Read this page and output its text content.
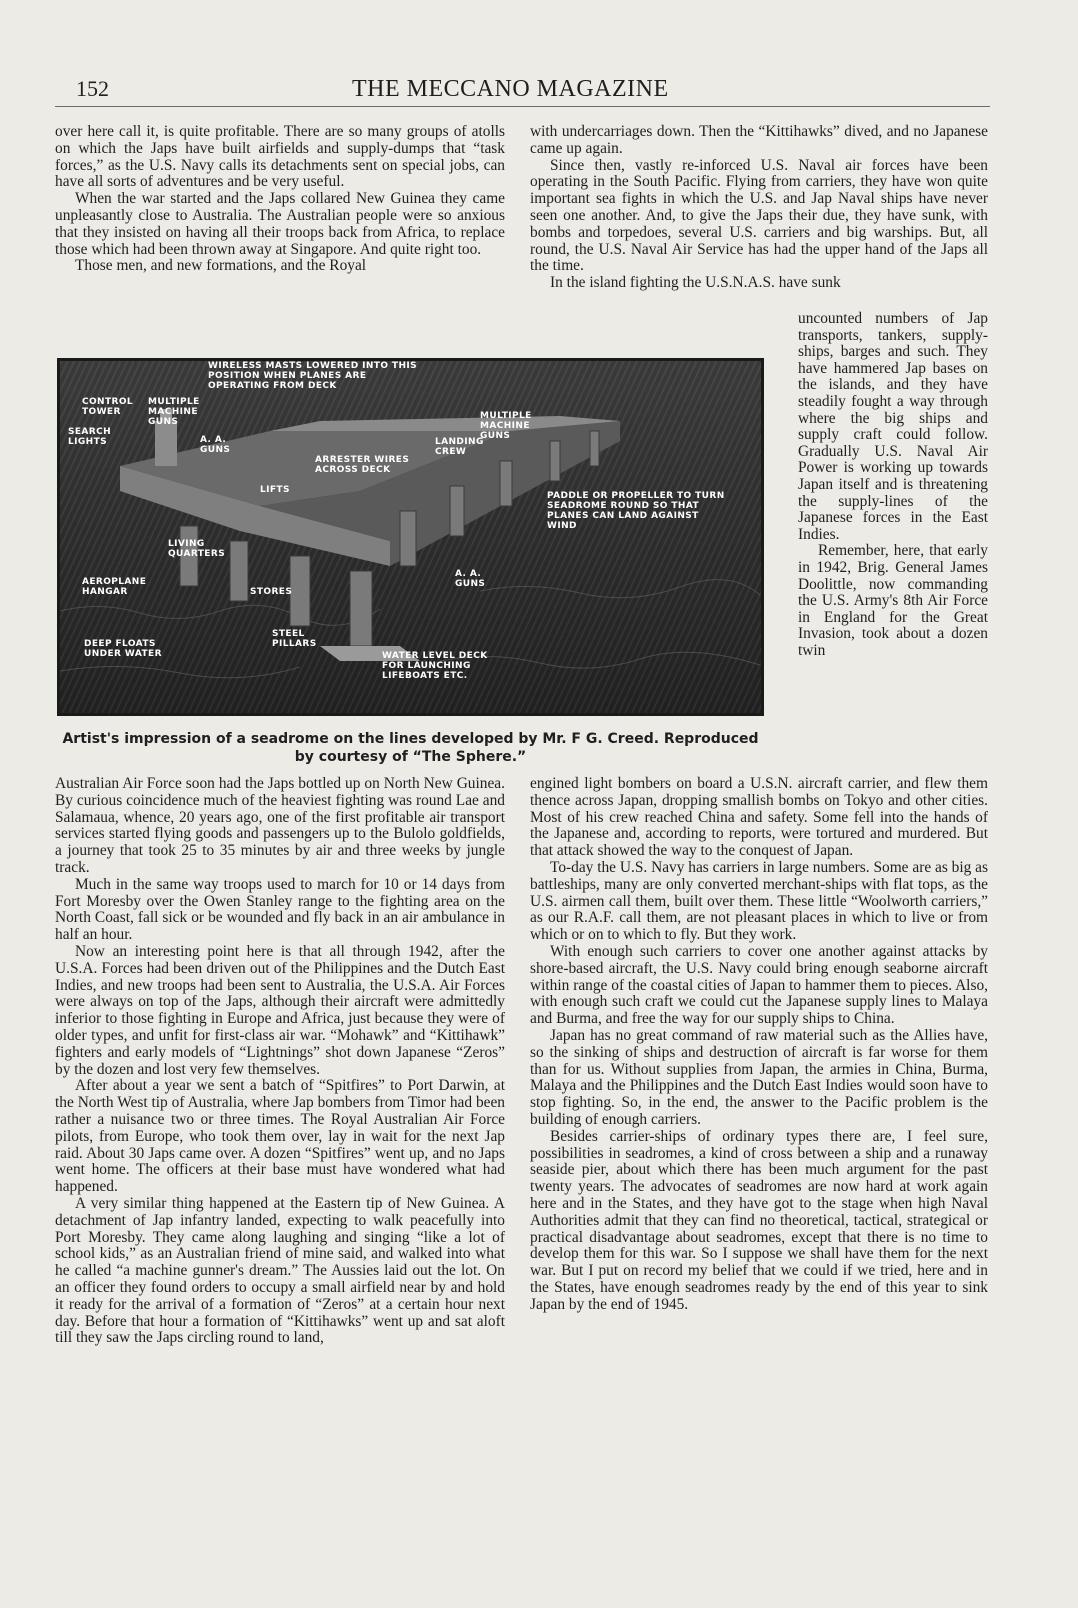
152	THE MECCANO MAGAZINE

over here call it, is quite profitable. There are so many groups of atolls on which the Japs have built airfields and supply-dumps that “task forces,” as the U.S. Navy calls its detachments sent on special jobs, can have all sorts of adventures and be very useful.

When the war started and the Japs collared New Guinea they came unpleasantly close to Australia. The Australian people were so anxious that they insisted on having all their troops back from Africa, to replace those which had been thrown away at Singapore. And quite right too.

Those men, and new formations, and the Royal

with undercarriages down. Then the “Kittihawks” dived, and no Japanese came up again.

Since then, vastly re-inforced U.S. Naval air forces have been operating in the South Pacific. Flying from carriers, they have won quite important sea fights in which the U.S. and Jap Naval ships have never seen one another. And, to give the Japs their due, they have sunk, with bombs and torpedoes, several U.S. carriers and big warships. But, all round, the U.S. Naval Air Service has had the upper hand of the Japs all the time.

In the island fighting the U.S.N.A.S. have sunk

uncounted numbers of Jap transports, tankers, supply-ships, barges and such. They have hammered Jap bases on the islands, and they have steadily fought a way through where the big ships and supply craft could follow. Gradually U.S. Naval Air Power is working up towards Japan itself and is threatening the supply-lines of the Japanese forces in the East Indies.

Remember, here, that early in 1942, Brig. General James Doolittle, now commanding the U.S. Army's 8th Air Force in England for the Great Invasion, took about a dozen twin

WIRELESS MASTS LOWERED INTO THIS POSITION WHEN PLANES ARE OPERATING FROM DECK
CONTROL TOWER
MULTIPLE MACHINE GUNS
SEARCH LIGHTS	A. A. GUNS
MULTIPLE MACHINE GUNS
LANDING CREW
ARRESTER WIRES ACROSS DECK
LIFTS
LIVING QUARTERS
PADDLE OR PROPELLER TO TURN SEADROME ROUND SO THAT PLANES CAN LAND AGAINST WIND
A. A. GUNS
AEROPLANE HANGAR	STORES
STEEL PILLARS
DEEP FLOATS UNDER WATER	WATER LEVEL DECK FOR LAUNCHING LIFEBOATS ETC.
Artist's impression of a seadrome on the lines developed by Mr. F G. Creed. Reproduced by courtesy of “The Sphere.”

Australian Air Force soon had the Japs bottled up on North New Guinea. By curious coincidence much of the heaviest fighting was round Lae and Salamaua, whence, 20 years ago, one of the first profitable air transport services started flying goods and passengers up to the Bulolo goldfields, a journey that took 25 to 35 minutes by air and three weeks by jungle track.

Much in the same way troops used to march for 10 or 14 days from Fort Moresby over the Owen Stanley range to the fighting area on the North Coast, fall sick or be wounded and fly back in an air ambulance in half an hour.

Now an interesting point here is that all through 1942, after the U.S.A. Forces had been driven out of the Philippines and the Dutch East Indies, and new troops had been sent to Australia, the U.S.A. Air Forces were always on top of the Japs, although their aircraft were admittedly inferior to those fighting in Europe and Africa, just because they were of older types, and unfit for first-class air war. “Mohawk” and “Kittihawk” fighters and early models of “Lightnings” shot down Japanese “Zeros” by the dozen and lost very few themselves.

After about a year we sent a batch of “Spitfires” to Port Darwin, at the North West tip of Australia, where Jap bombers from Timor had been rather a nuisance two or three times. The Royal Australian Air Force pilots, from Europe, who took them over, lay in wait for the next Jap raid. About 30 Japs came over. A dozen “Spitfires” went up, and no Japs went home. The officers at their base must have wondered what had happened.

A very similar thing happened at the Eastern tip of New Guinea. A detachment of Jap infantry landed, expecting to walk peacefully into Port Moresby. They came along laughing and singing “like a lot of school kids,” as an Australian friend of mine said, and walked into what he called “a machine gunner's dream.” The Aussies laid out the lot. On an officer they found orders to occupy a small airfield near by and hold it ready for the arrival of a formation of “Zeros” at a certain hour next day. Before that hour a formation of “Kittihawks” went up and sat aloft till they saw the Japs circling round to land,

engined light bombers on board a U.S.N. aircraft carrier, and flew them thence across Japan, dropping smallish bombs on Tokyo and other cities. Most of his crew reached China and safety. Some fell into the hands of the Japanese and, according to reports, were tortured and murdered. But that attack showed the way to the conquest of Japan.

To-day the U.S. Navy has carriers in large numbers. Some are as big as battleships, many are only converted merchant-ships with flat tops, as the U.S. airmen call them, built over them. These little “Woolworth carriers,” as our R.A.F. call them, are not pleasant places in which to live or from which or on to which to fly. But they work.

With enough such carriers to cover one another against attacks by shore-based aircraft, the U.S. Navy could bring enough seaborne aircraft within range of the coastal cities of Japan to hammer them to pieces. Also, with enough such craft we could cut the Japanese supply lines to Malaya and Burma, and free the way for our supply ships to China.

Japan has no great command of raw material such as the Allies have, so the sinking of ships and destruction of aircraft is far worse for them than for us. Without supplies from Japan, the armies in China, Burma, Malaya and the Philippines and the Dutch East Indies would soon have to stop fighting. So, in the end, the answer to the Pacific problem is the building of enough carriers.

Besides carrier-ships of ordinary types there are, I feel sure, possibilities in seadromes, a kind of cross between a ship and a runaway seaside pier, about which there has been much argument for the past twenty years. The advocates of seadromes are now hard at work again here and in the States, and they have got to the stage when high Naval Authorities admit that they can find no theoretical, tactical, strategical or practical disadvantage about seadromes, except that there is no time to develop them for this war. So I suppose we shall have them for the next war. But I put on record my belief that we could if we tried, here and in the States, have enough seadromes ready by the end of this year to sink Japan by the end of 1945.
